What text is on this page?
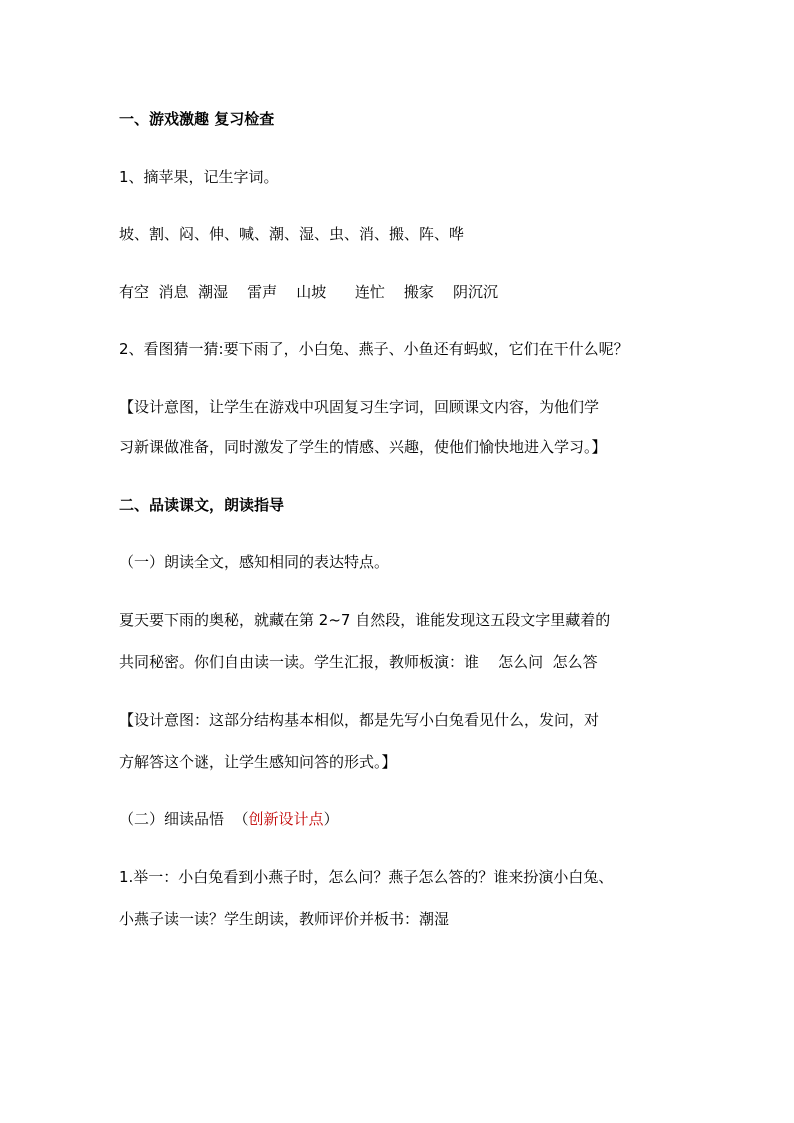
一、游戏激趣 复习检查
1、摘苹果，记生字词。
坡、割、闷、伸、喊、潮、湿、虫、消、搬、阵、哗
有空  消息  潮湿    雷声    山坡      连忙    搬家    阴沉沉
2、看图猜一猜:要下雨了，小白兔、燕子、小鱼还有蚂蚁，它们在干什么呢？
【设计意图，让学生在游戏中巩固复习生字词，回顾课文内容，为他们学
习新课做准备，同时激发了学生的情感、兴趣，使他们愉快地进入学习。】
二、品读课文，朗读指导
（一）朗读全文，感知相同的表达特点。
夏天要下雨的奥秘，就藏在第 2~7 自然段，谁能发现这五段文字里藏着的
共同秘密。你们自由读一读。学生汇报，教师板演：谁    怎么问  怎么答
【设计意图：这部分结构基本相似，都是先写小白兔看见什么，发问，对
方解答这个谜，让学生感知问答的形式。】
（二）细读品悟  （创新设计点）
1.举一：小白兔看到小燕子时，怎么问？燕子怎么答的？谁来扮演小白兔、
小燕子读一读？学生朗读，教师评价并板书：潮湿
